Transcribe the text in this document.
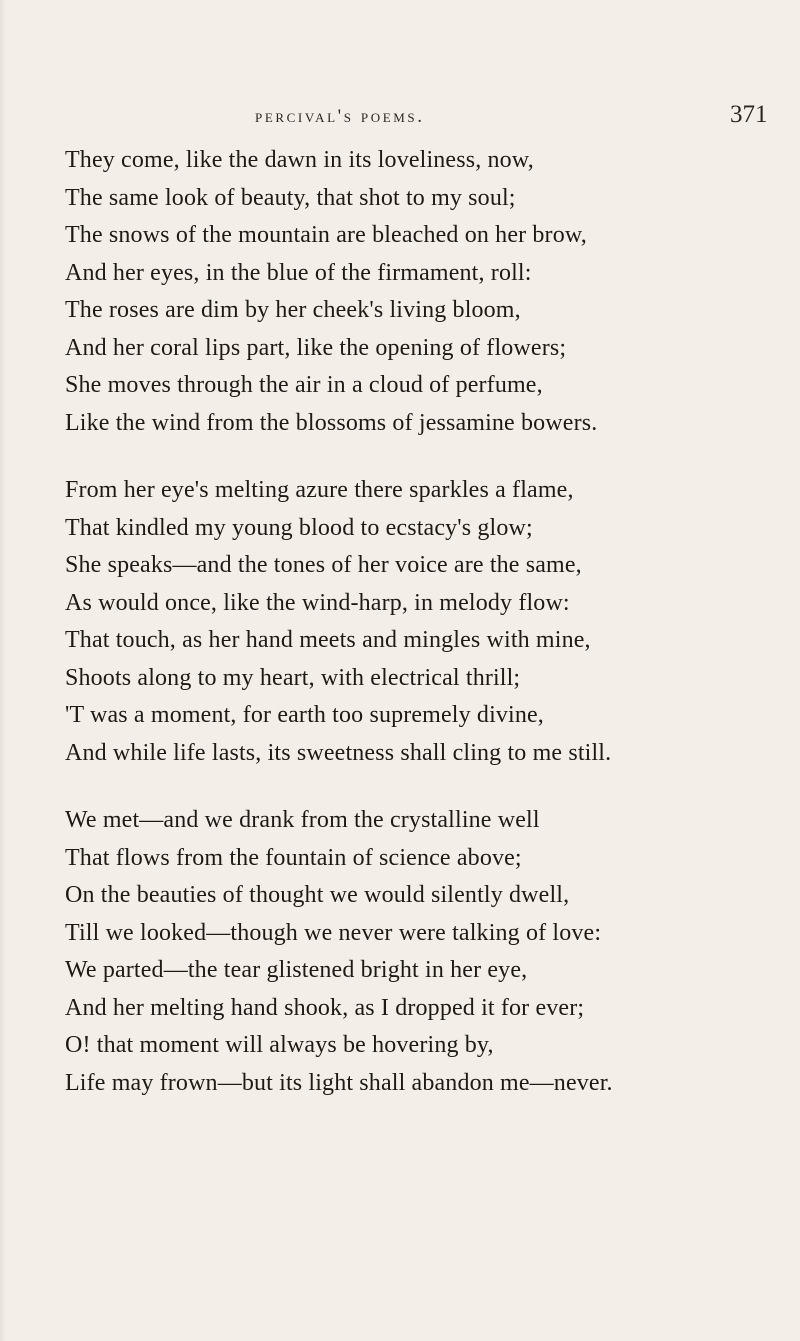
percival's poems.	371
They come, like the dawn in its loveliness, now,
The same look of beauty, that shot to my soul;
The snows of the mountain are bleached on her brow,
And her eyes, in the blue of the firmament, roll:
The roses are dim by her cheek's living bloom,
And her coral lips part, like the opening of flowers;
She moves through the air in a cloud of perfume,
Like the wind from the blossoms of jessamine bowers.
From her eye's melting azure there sparkles a flame,
That kindled my young blood to ecstacy's glow;
She speaks—and the tones of her voice are the same,
As would once, like the wind-harp, in melody flow:
That touch, as her hand meets and mingles with mine,
Shoots along to my heart, with electrical thrill;
'T was a moment, for earth too supremely divine,
And while life lasts, its sweetness shall cling to me still.
We met—and we drank from the crystalline well
That flows from the fountain of science above;
On the beauties of thought we would silently dwell,
Till we looked—though we never were talking of love:
We parted—the tear glistened bright in her eye,
And her melting hand shook, as I dropped it for ever;
O! that moment will always be hovering by,
Life may frown—but its light shall abandon me—never.
